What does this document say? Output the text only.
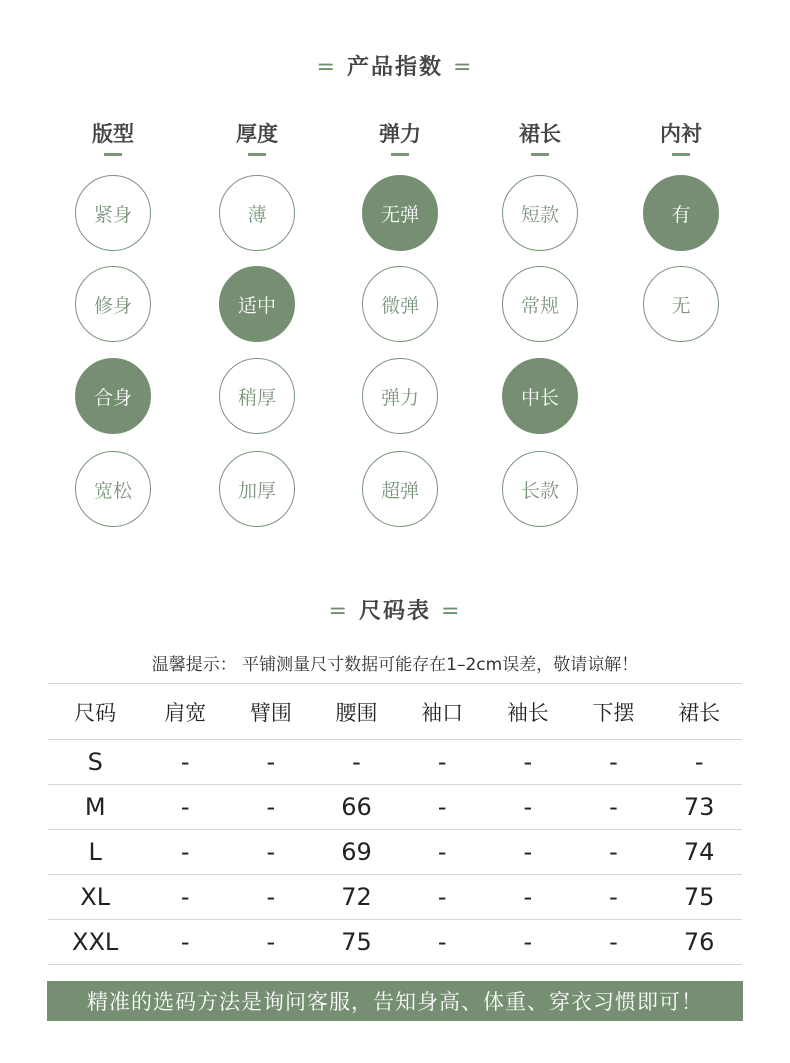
= 产品指数 =
版型
紧身
修身
合身
宽松
厚度
薄
适中
稍厚
加厚
弹力
无弹
微弹
弹力
超弹
裙长
短款
常规
中长
长款
内衬
有
无
= 尺码表 =
温馨提示： 平铺测量尺寸数据可能存在1–2cm误差，敬请谅解！
尺码	肩宽	臂围	腰围	袖口	袖长	下摆	裙长
S	-	-	-	-	-	-	-
M	-	-	66	-	-	-	73
L	-	-	69	-	-	-	74
XL	-	-	72	-	-	-	75
XXL	-	-	75	-	-	-	76
精准的选码方法是询问客服，告知身高、体重、穿衣习惯即可！
